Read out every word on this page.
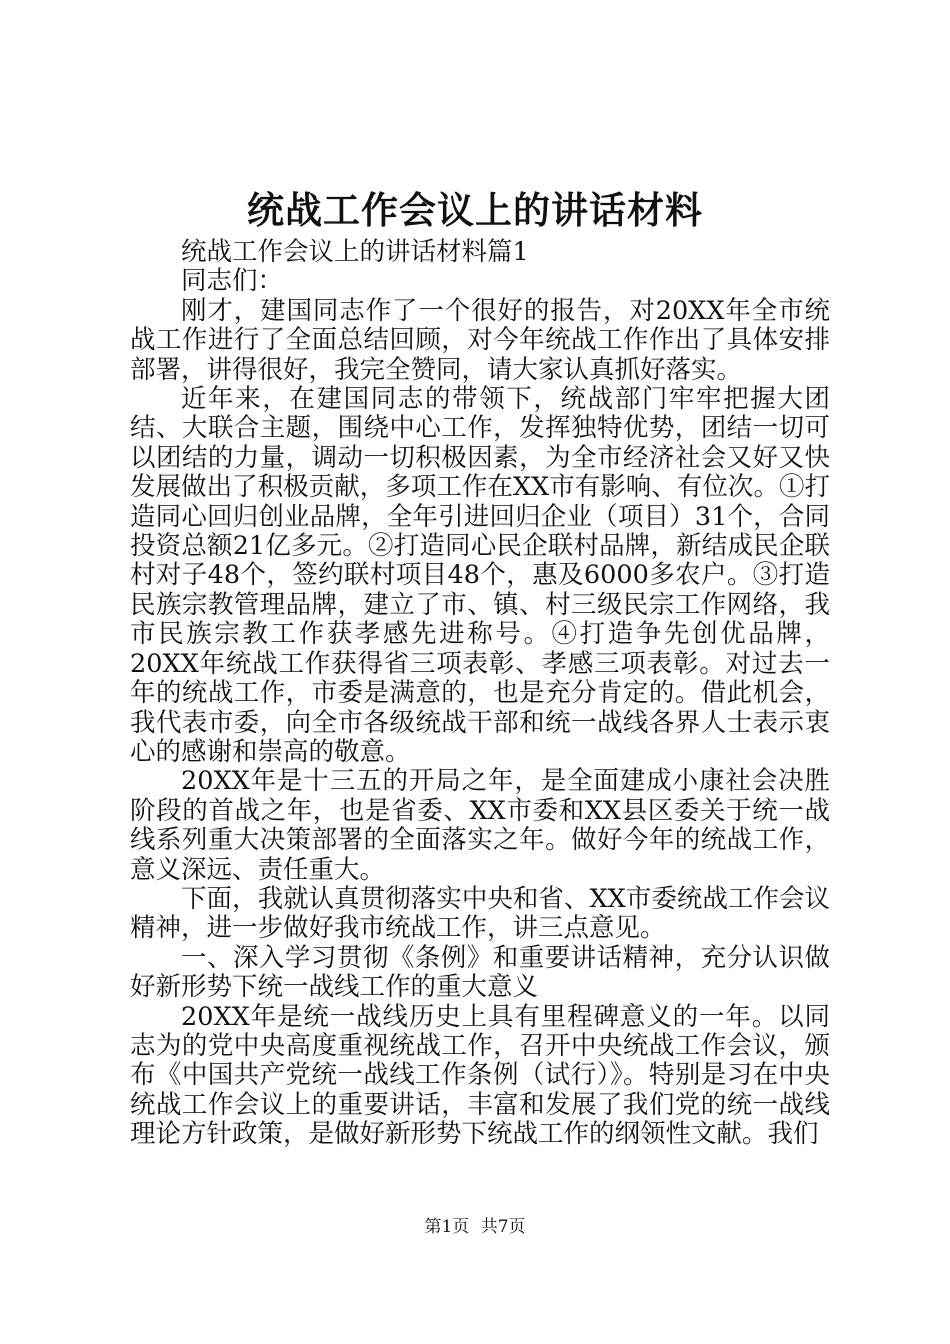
统战工作会议上的讲话材料

统战工作会议上的讲话材料篇1

同志们：

刚才，建国同志作了一个很好的报告，对20XX年全市统战工作进行了全面总结回顾，对今年统战工作作出了具体安排部署，讲得很好，我完全赞同，请大家认真抓好落实。

近年来，在建国同志的带领下，统战部门牢牢把握大团结、大联合主题，围绕中心工作，发挥独特优势，团结一切可以团结的力量，调动一切积极因素，为全市经济社会又好又快发展做出了积极贡献，多项工作在XX市有影响、有位次。①打造同心回归创业品牌，全年引进回归企业（项目）31个，合同投资总额21亿多元。②打造同心民企联村品牌，新结成民企联村对子48个，签约联村项目48个，惠及6000多农户。③打造民族宗教管理品牌，建立了市、镇、村三级民宗工作网络，我市民族宗教工作获孝感先进称号。④打造争先创优品牌，20XX年统战工作获得省三项表彰、孝感三项表彰。对过去一年的统战工作，市委是满意的，也是充分肯定的。借此机会，我代表市委，向全市各级统战干部和统一战线各界人士表示衷心的感谢和崇高的敬意。

20XX年是十三五的开局之年，是全面建成小康社会决胜阶段的首战之年，也是省委、XX市委和XX县区委关于统一战线系列重大决策部署的全面落实之年。做好今年的统战工作，意义深远、责任重大。

下面，我就认真贯彻落实中央和省、XX市委统战工作会议精神，进一步做好我市统战工作，讲三点意见。

一、深入学习贯彻《条例》和重要讲话精神，充分认识做好新形势下统一战线工作的重大意义

20XX年是统一战线历史上具有里程碑意义的一年。以同志为的党中央高度重视统战工作，召开中央统战工作会议，颁布《中国共产党统一战线工作条例（试行）》。特别是习在中央统战工作会议上的重要讲话，丰富和发展了我们党的统一战线理论方针政策，是做好新形势下统战工作的纲领性文献。我们

第1页 共7页
